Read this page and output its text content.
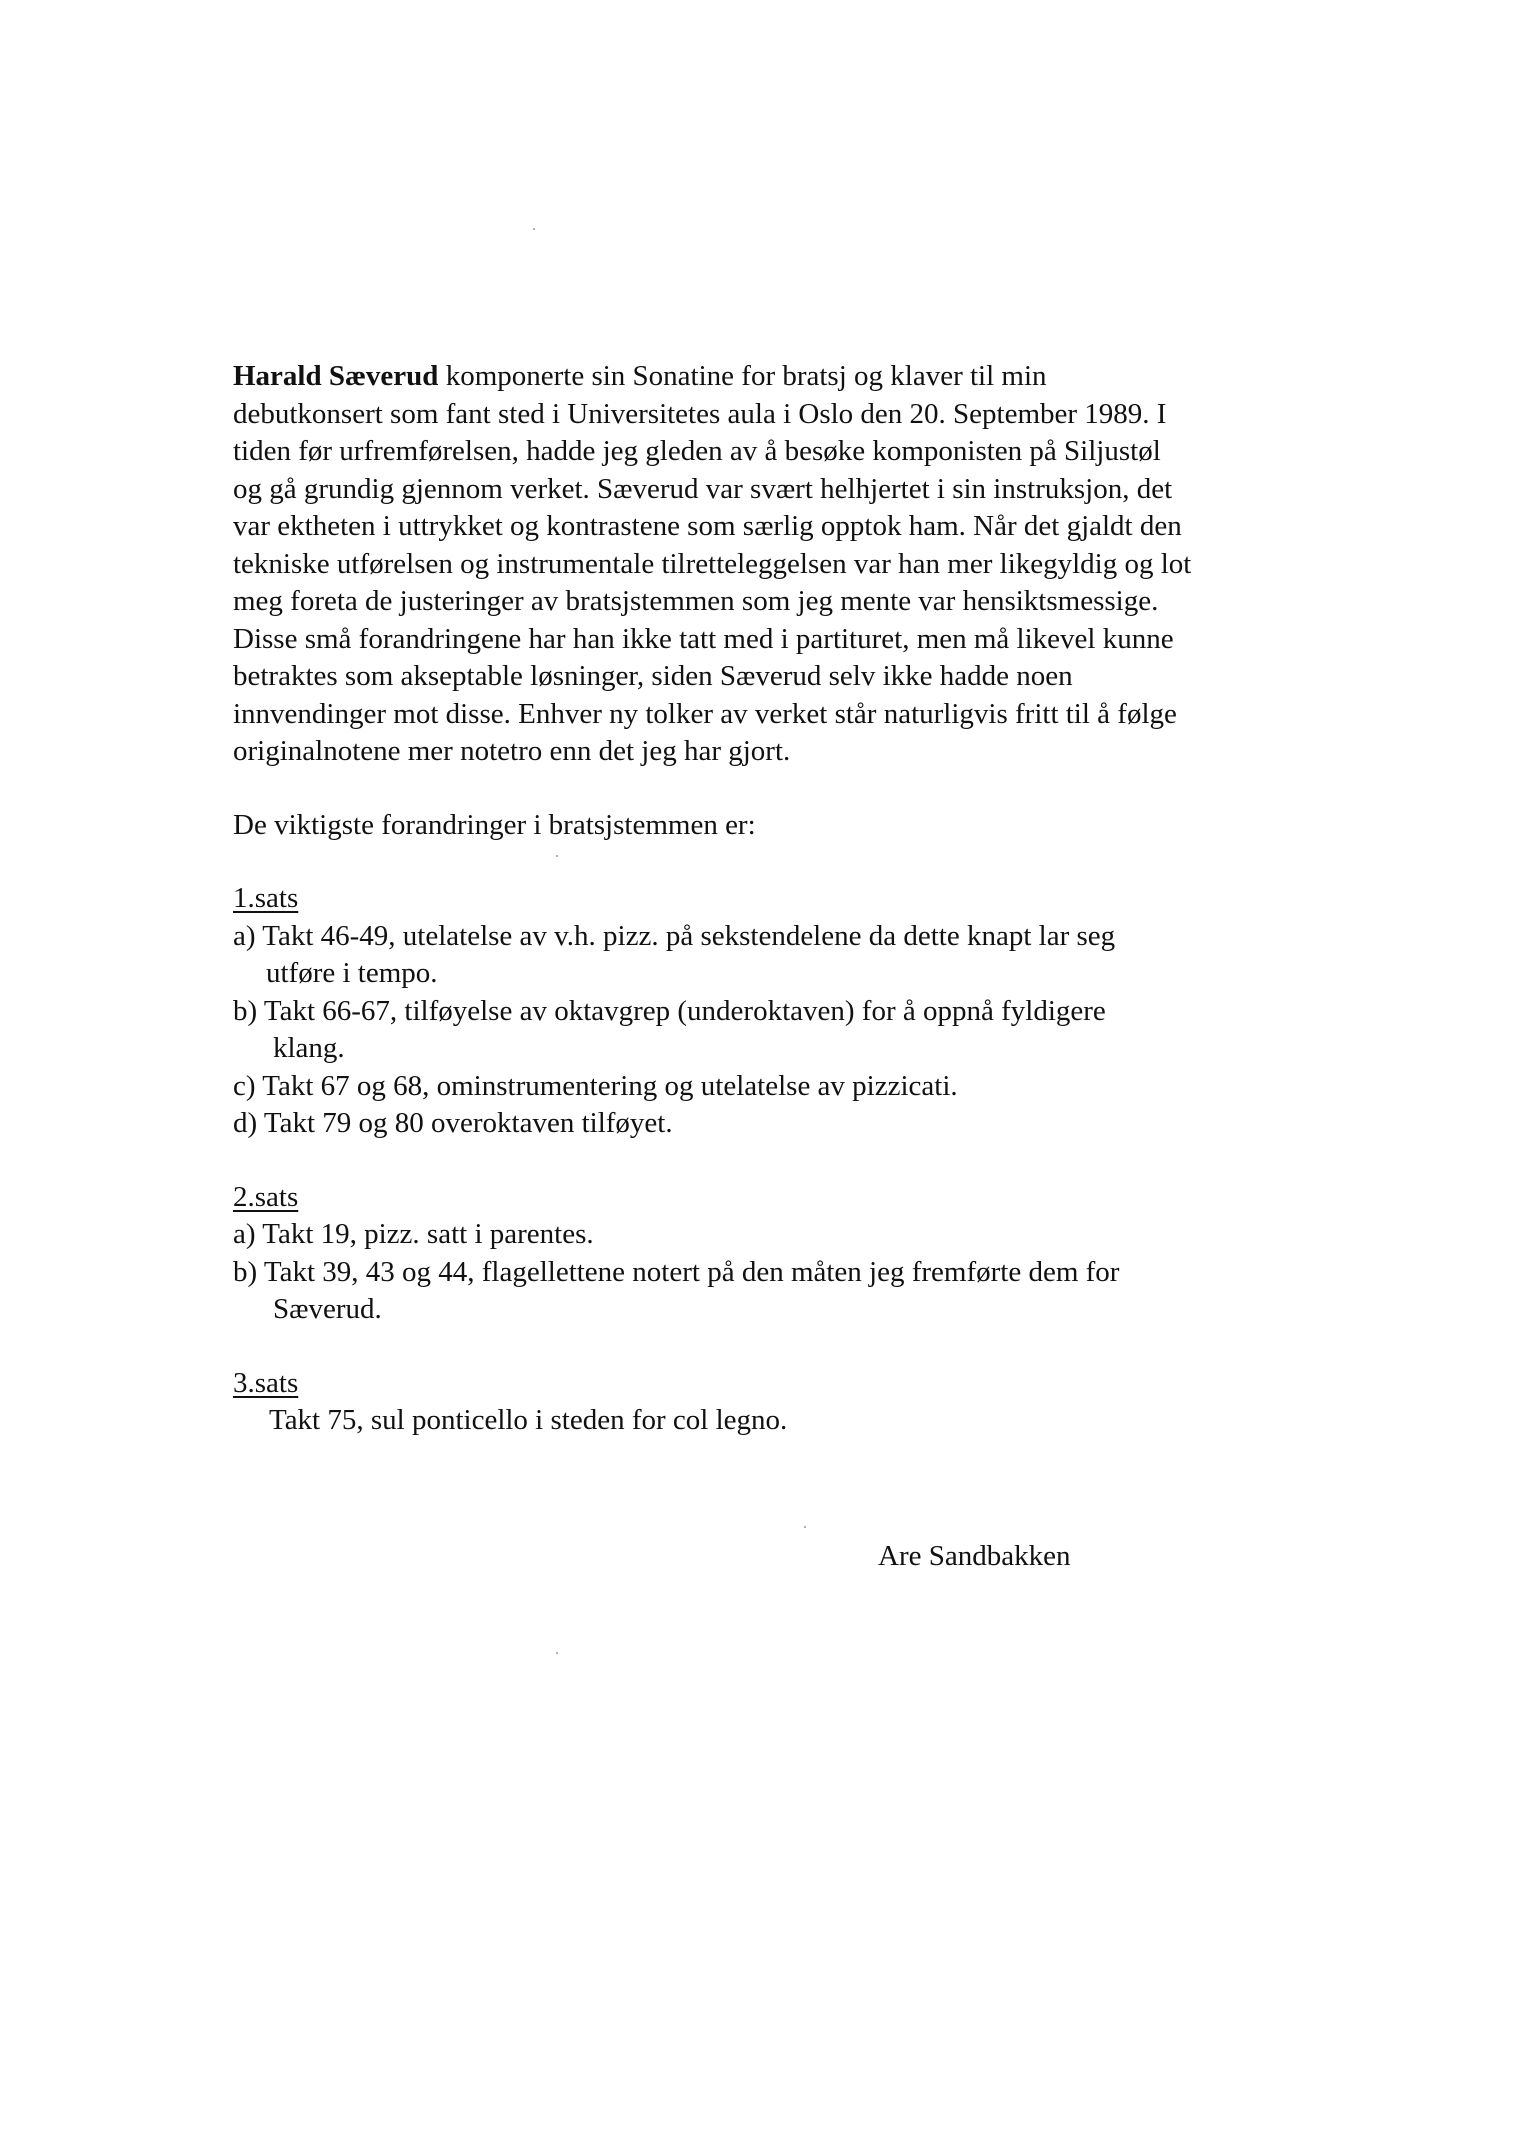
Harald Sæverud komponerte sin Sonatine for bratsj og klaver til min

debutkonsert som fant sted i Universitetes aula i Oslo den 20. September 1989. I

tiden før urfremførelsen, hadde jeg gleden av å besøke komponisten på Siljustøl

og gå grundig gjennom verket. Sæverud var svært helhjertet i sin instruksjon, det

var ektheten i uttrykket og kontrastene som særlig opptok ham. Når det gjaldt den

tekniske utførelsen og instrumentale tilretteleggelsen var han mer likegyldig og lot

meg foreta de justeringer av bratsjstemmen som jeg mente var hensiktsmessige.

Disse små forandringene har han ikke tatt med i partituret, men må likevel kunne

betraktes som akseptable løsninger, siden Sæverud selv ikke hadde noen

innvendinger mot disse. Enhver ny tolker av verket står naturligvis fritt til å følge

originalnotene mer notetro enn det jeg har gjort.

De viktigste forandringer i bratsjstemmen er:
1.sats
a) Takt 46-49, utelatelse av v.h. pizz. på sekstendelene da dette knapt lar seg
utføre i tempo.
b) Takt 66-67, tilføyelse av oktavgrep (underoktaven) for å oppnå fyldigere
klang.
c) Takt 67 og 68, ominstrumentering og utelatelse av pizzicati.
d) Takt 79 og 80 overoktaven tilføyet.
2.sats
a) Takt 19, pizz. satt i parentes.
b) Takt 39, 43 og 44, flagellettene notert på den måten jeg fremførte dem for
Sæverud.
3.sats
Takt 75, sul ponticello i steden for col legno.
Are Sandbakken
